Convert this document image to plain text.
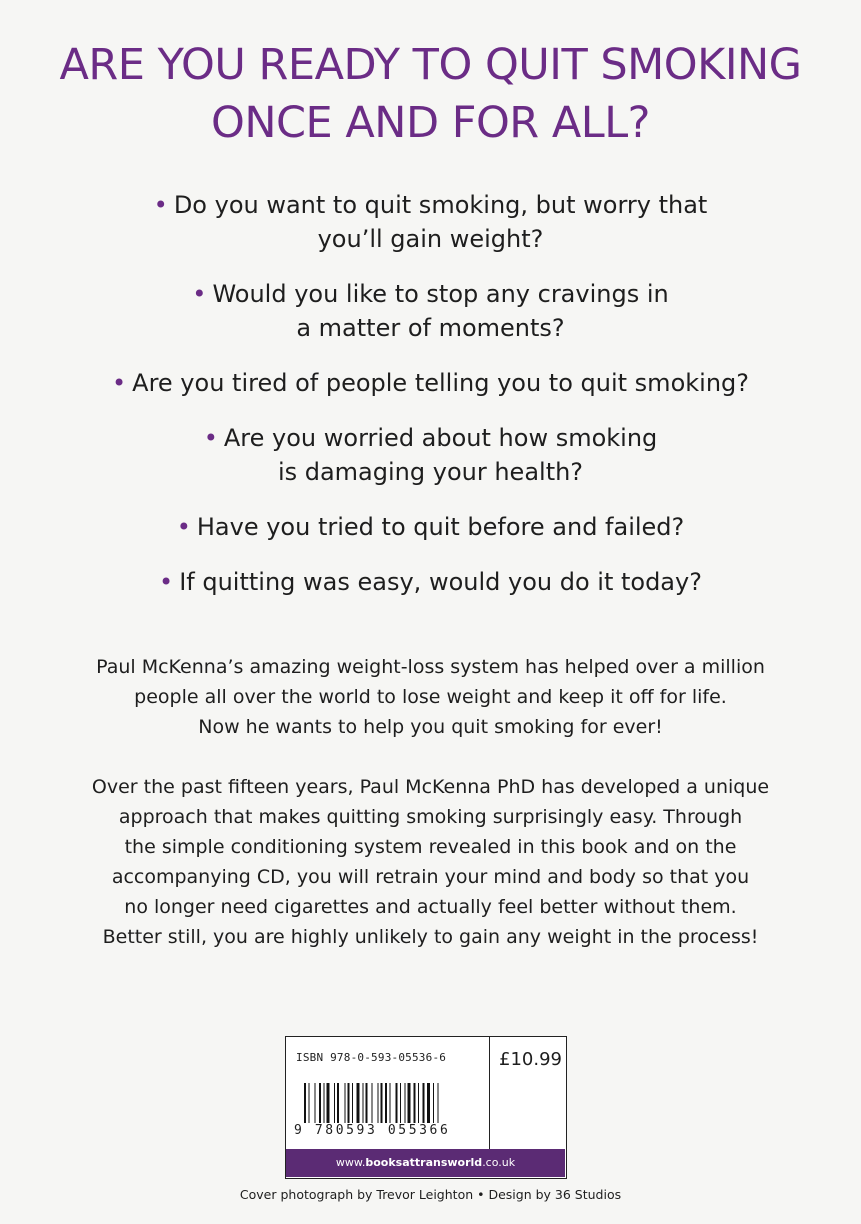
ARE YOU READY TO QUIT SMOKING
ONCE AND FOR ALL?
• Do you want to quit smoking, but worry that
you’ll gain weight?
• Would you like to stop any cravings in
a matter of moments?
• Are you tired of people telling you to quit smoking?
• Are you worried about how smoking
is damaging your health?
• Have you tried to quit before and failed?
• If quitting was easy, would you do it today?
Paul McKenna’s amazing weight-loss system has helped over a million
people all over the world to lose weight and keep it off for life.
Now he wants to help you quit smoking for ever!
Over the past fifteen years, Paul McKenna PhD has developed a unique
approach that makes quitting smoking surprisingly easy. Through
the simple conditioning system revealed in this book and on the
accompanying CD, you will retrain your mind and body so that you
no longer need cigarettes and actually feel better without them.
Better still, you are highly unlikely to gain any weight in the process!
ISBN 978-0-593-05536-6
9 780593 055366
£10.99
www.booksattransworld.co.uk
Cover photograph by Trevor Leighton • Design by 36 Studios
